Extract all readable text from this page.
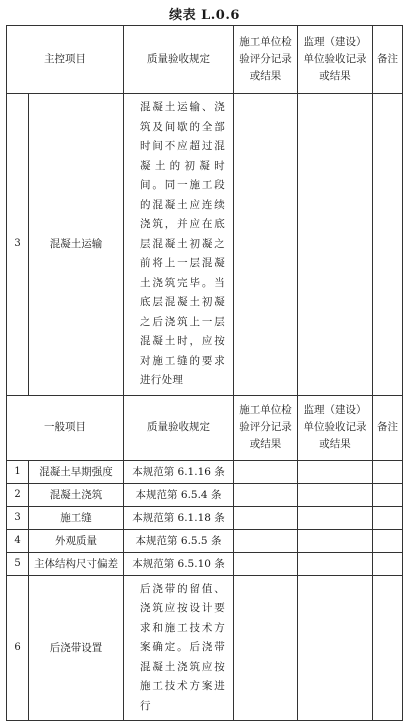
续表 L.0.6
主控项目		质量验收规定	施工单位检验评分记录或结果	监理（建设）单位验收记录或结果	备注
3	混凝土运输	混凝土运输、浇筑及间歇的全部时间不应超过混凝土的初凝时间。同一施工段的混凝土应连续浇筑，并应在底层混凝土初凝之前将上一层混凝土浇筑完毕。当底层混凝土初凝之后浇筑上一层混凝土时，应按对施工缝的要求进行处理			
一般项目		质量验收规定	施工单位检验评分记录或结果	监理（建设）单位验收记录或结果	备注
1	混凝土早期强度	本规范第 6.1.16 条			
2	混凝土浇筑	本规范第 6.5.4 条			
3	施工缝	本规范第 6.1.18 条			
4	外观质量	本规范第 6.5.5 条			
5	主体结构尺寸偏差	本规范第 6.5.10 条			
6	后浇带设置	后浇带的留值、浇筑应按设计要求和施工技术方案确定。后浇带混凝土浇筑应按施工技术方案进行			
